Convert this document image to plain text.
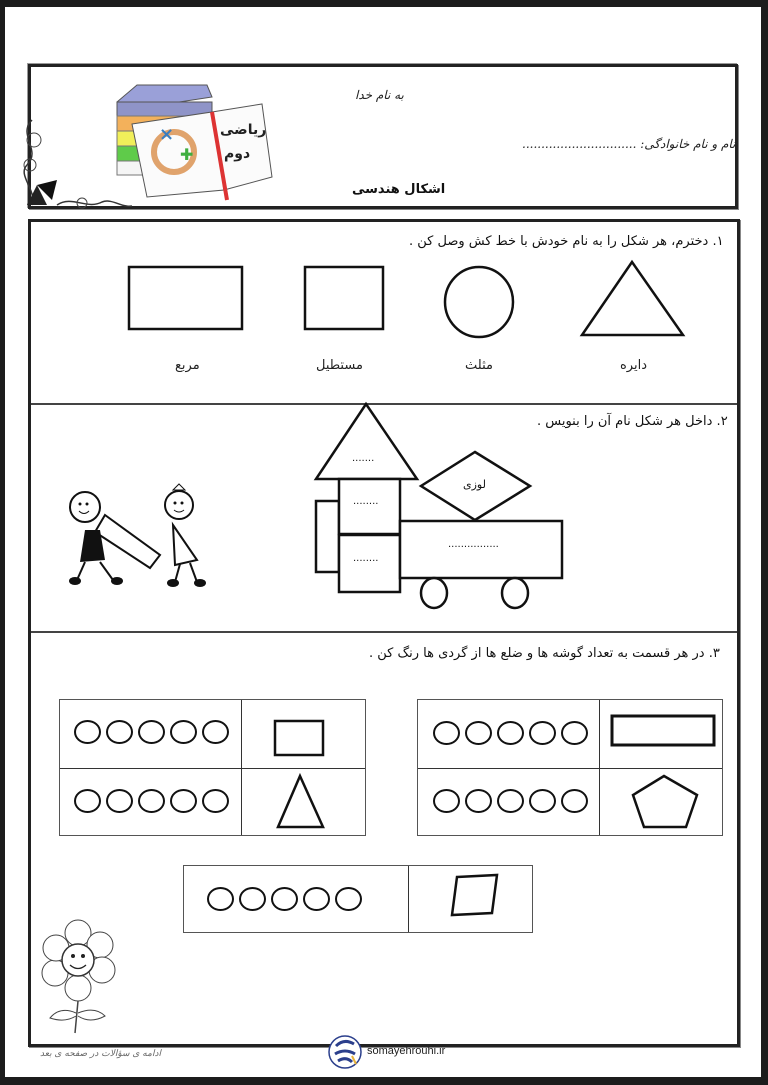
به نام خدا
نام و نام خانوادگی: ..............................
اشکال هندسی
×
✚
ریاضی
دوم
۱. دخترم، هر شکل را به نام خودش با خط کش وصل کن .
مربع	مستطیل	مثلث	دایره
۲. داخل هر شکل نام آن را بنویس .
.......
........
........
................
لوزی
۳. در هر قسمت به تعداد گوشه ها و ضلع ها از گردی ها رنگ کن .
ادامه ی سؤالات در صفحه ی بعد	somayehrouhi.ir
